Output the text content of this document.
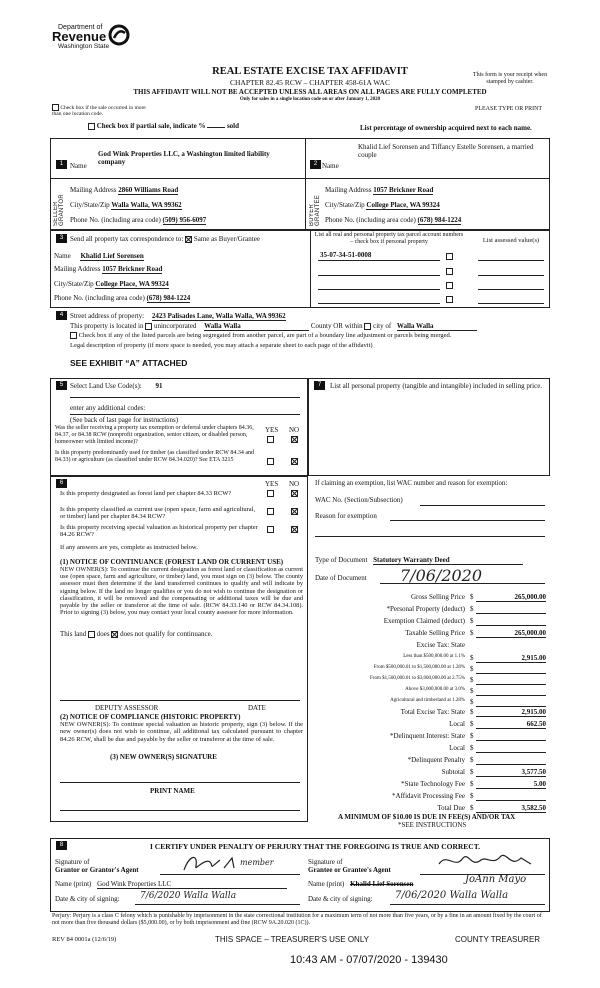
Department of
Revenue
Washington State
REAL ESTATE EXCISE TAX AFFIDAVIT
CHAPTER 82.45 RCW – CHAPTER 458-61A WAC
THIS AFFIDAVIT WILL NOT BE ACCEPTED UNLESS ALL AREAS ON ALL PAGES ARE FULLY COMPLETED
Only for sales in a single location code on or after January 1, 2020
This form is your receipt when stamped by cashier.
PLEASE TYPE OR PRINT
Check box if the sale occurred in more than one location code.
Check box if partial sale, indicate %	sold	List percentage of ownership acquired next to each name.
1	2
SELLER GRANTOR	BUYER GRANTEE
Name
God Wink Properties LLC, a Washington limited liability company	Name
Khalid Lief Sorensen and Tiffancy Estelle Sorensen, a married couple
Mailing Address 2860 Williams Road
City/State/Zip Walla Walla, WA 99362
Phone No. (including area code) (509) 956-6097
Mailing Address 1057 Brickner Road
City/State/Zip College Place, WA 99324
Phone No. (including area code) (678) 984-1224
3 Send all property tax correspondence to: Same as Buyer/Grantee
Name Khalid Lief Sorensen
Mailing Address 1057 Brickner Road
City/State/Zip College Place, WA 99324
Phone No. (including area code) (678) 984-1224
List all real and personal property tax parcel account numbers – check box if personal property	List assessed value(s)
35-07-34-51-0008
4 Street address of property: 2423 Palisades Lane, Walla Walla, WA 99362
This property is located in unincorporated Walla Walla	County OR within city of Walla Walla
Check box if any of the listed parcels are being segregated from another parcel, are part of a boundary line adjustment or parcels being merged.
Legal description of property (if more space is needed, you may attach a separate sheet to each page of the affidavit)
SEE EXHIBIT “A” ATTACHED
5 Select Land Use Code(s): 91
enter any additional codes:
(See back of last page for instructions)
YES NO
Was the seller receiving a property tax exemption or deferral under chapters 84.36, 84.37, or 84.38 RCW (nonprofit organization, senior citizen, or disabled person, homeowner with limited income)?
Is this property predominantly used for timber (as classified under RCW 84.34 and 84.33) or agriculture (as classified under RCW 84.34.020)? See ETA 3215
7	List all personal property (tangible and intangible) included in selling price.
6	YES NO
Is this property designated as forest land per chapter 84.33 RCW?
Is this property classified as current use (open space, farm and agricultural, or timber) land per chapter 84.34 RCW?
Is this property receiving special valuation as historical property per chapter 84.26 RCW?
If any answers are yes, complete as instructed below.
(1) NOTICE OF CONTINUANCE (FOREST LAND OR CURRENT USE)
NEW OWNER(S): To continue the current designation as forest land or classification as current use (open space, farm and agriculture, or timber) land, you must sign on (3) below. The county assessor must then determine if the land transferred continues to qualify and will indicate by signing below. If the land no longer qualifies or you do not wish to continue the designation or classification, it will be removed and the compensating or additional taxes will be due and payable by the seller or transferor at the time of sale. (RCW 84.33.140 or RCW 84.34.108). Prior to signing (3) below, you may contact your local county assessor for more information.
This land does does not qualify for continuance.
DEPUTY ASSESSOR	DATE
(2) NOTICE OF COMPLIANCE (HISTORIC PROPERTY)
NEW OWNER(S): To continue special valuation as historic property, sign (3) below. If the new owner(s) does not wish to continue, all additional tax calculated pursuant to chapter 84.26 RCW, shall be due and payable by the seller or transferor at the time of sale.
(3) NEW OWNER(S) SIGNATURE
PRINT NAME
If claiming an exemption, list WAC number and reason for exemption:
WAC No. (Section/Subsection)
Reason for exemption
Type of Document Statutory Warranty Deed
Date of Document 7/06/2020
Gross Selling Price $	265,000.00
*Personal Property (deduct) $
Exemption Claimed (deduct) $
Taxable Selling Price $	265,000.00
Excise Tax: State
Less than $500,000.00 at 1.1% $	2,915.00
From $500,000.01 to $1,500,000.00 at 1.28% $
From $1,500,000.01 to $3,000,000.00 at 2.75% $
Above $3,000,000.00 at 3.0% $
Agricultural and timberland at 1.28% $
Total Excise Tax: State $	2,915.00
Local $	662.50
*Delinquent Interest: State $
Local $
*Delinquent Penalty $
Subtotal $	3,577.50
*State Technology Fee $	5.00
*Affidavit Processing Fee $
Total Due $	3,582.50
A MINIMUM OF $10.00 IS DUE IN FEE(S) AND/OR TAX
*SEE INSTRUCTIONS
8	I CERTIFY UNDER PENALTY OF PERJURY THAT THE FOREGOING IS TRUE AND CORRECT.
Signature of
Grantor or Grantor's Agent
member
Name (print) God Wink Properties LLC
Date & city of signing: 7/6/2020 Walla Walla
Signature of
Grantee or Grantee's Agent
Name (print) Khalid Lief Sorensen	JoAnn Mayo
Date & city of signing: 7/06/2020 Walla Walla
Perjury: Perjury is a class C felony which is punishable by imprisonment in the state correctional institution for a maximum term of not more than five years, or by a fine in an amount fixed by the court of not more than five thousand dollars ($5,000.00), or by both imprisonment and fine (RCW 9A.20.020 (1C)).
REV 84 0001a (12/6/19)	THIS SPACE – TREASURER'S USE ONLY	COUNTY TREASURER
10:43 AM - 07/07/2020 - 139430
